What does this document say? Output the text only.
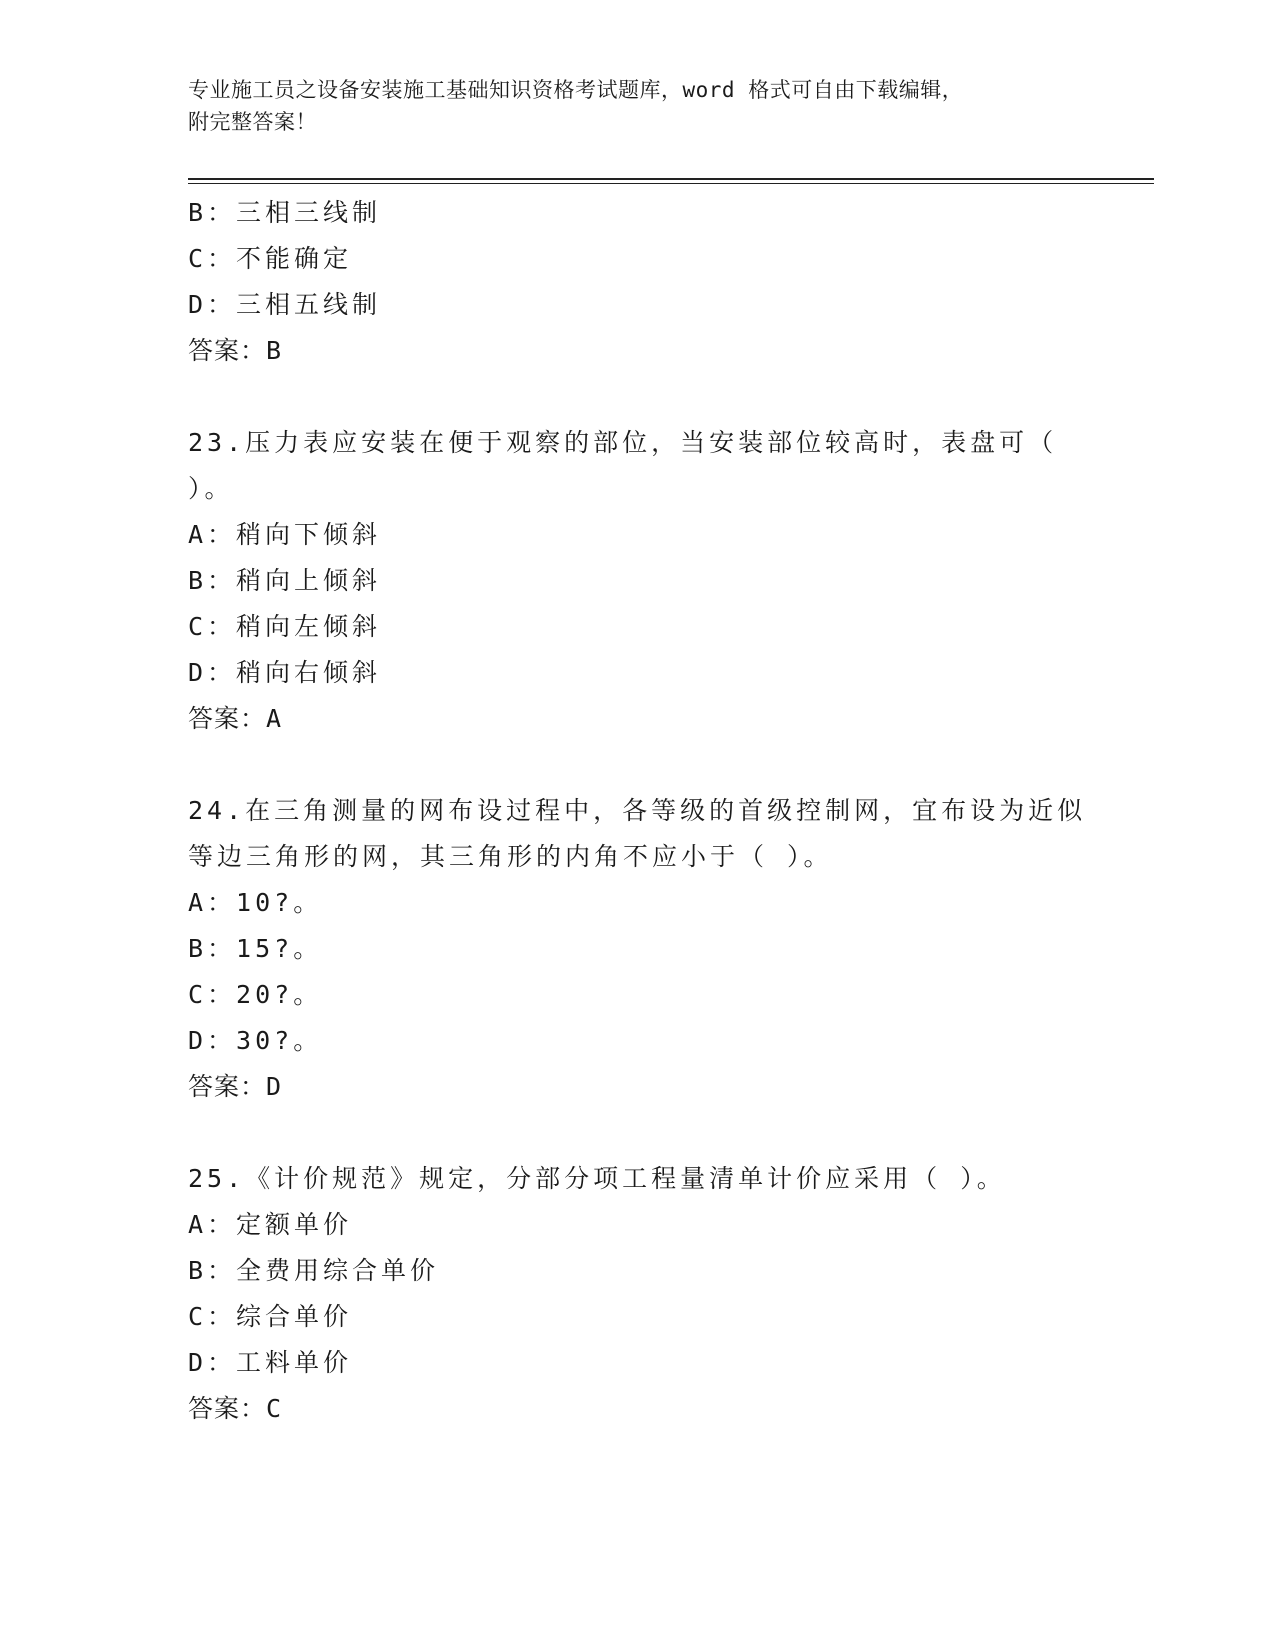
专业施工员之设备安装施工基础知识资格考试题库，word 格式可自由下载编辑，
附完整答案！
B：三相三线制
C：不能确定
D：三相五线制
答案：B
23.压力表应安装在便于观察的部位，当安装部位较高时，表盘可（
）。
A：稍向下倾斜
B：稍向上倾斜
C：稍向左倾斜
D：稍向右倾斜
答案：A
24.在三角测量的网布设过程中，各等级的首级控制网，宜布设为近似
等边三角形的网，其三角形的内角不应小于（ ）。
A：10?。
B：15?。
C：20?。
D：30?。
答案：D
25.《计价规范》规定，分部分项工程量清单计价应采用（ ）。
A：定额单价
B：全费用综合单价
C：综合单价
D：工料单价
答案：C
